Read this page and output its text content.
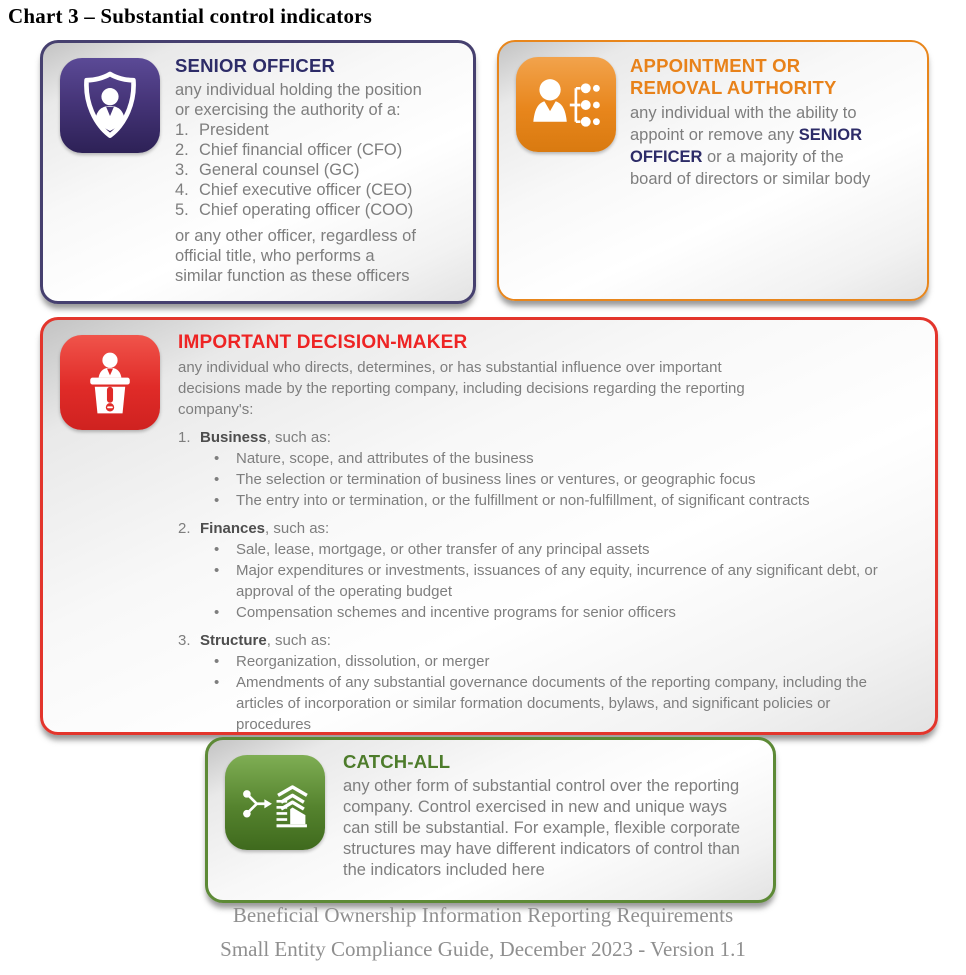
Chart 3 – Substantial control indicators
SENIOR OFFICER

any individual holding the position or exercising the authority of a:

1. President
2. Chief financial officer (CFO)
3. General counsel (GC)
4. Chief executive officer (CEO)
5. Chief operating officer (COO)

or any other officer, regardless of official title, who performs a similar function as these officers

APPOINTMENT OR
REMOVAL AUTHORITY

any individual with the ability to appoint or remove any SENIOR OFFICER or a majority of the board of directors or similar body

IMPORTANT DECISION-MAKER

any individual who directs, determines, or has substantial influence over important decisions made by the reporting company, including decisions regarding the reporting company's:

1. Business, such as:
•	Nature, scope, and attributes of the business
•	The selection or termination of business lines or ventures, or geographic focus
•	The entry into or termination, or the fulfillment or non-fulfillment, of significant contracts
2. Finances, such as:
•	Sale, lease, mortgage, or other transfer of any principal assets
•	Major expenditures or investments, issuances of any equity, incurrence of any significant debt, or approval of the operating budget
•	Compensation schemes and incentive programs for senior officers
3. Structure, such as:
•	Reorganization, dissolution, or merger
•	Amendments of any substantial governance documents of the reporting company, including the articles of incorporation or similar formation documents, bylaws, and significant policies or procedures
CATCH-ALL

any other form of substantial control over the reporting company. Control exercised in new and unique ways can still be substantial. For example, flexible corporate structures may have different indicators of control than the indicators included here

Beneficial Ownership Information Reporting Requirements
Small Entity Compliance Guide, December 2023 - Version 1.1
